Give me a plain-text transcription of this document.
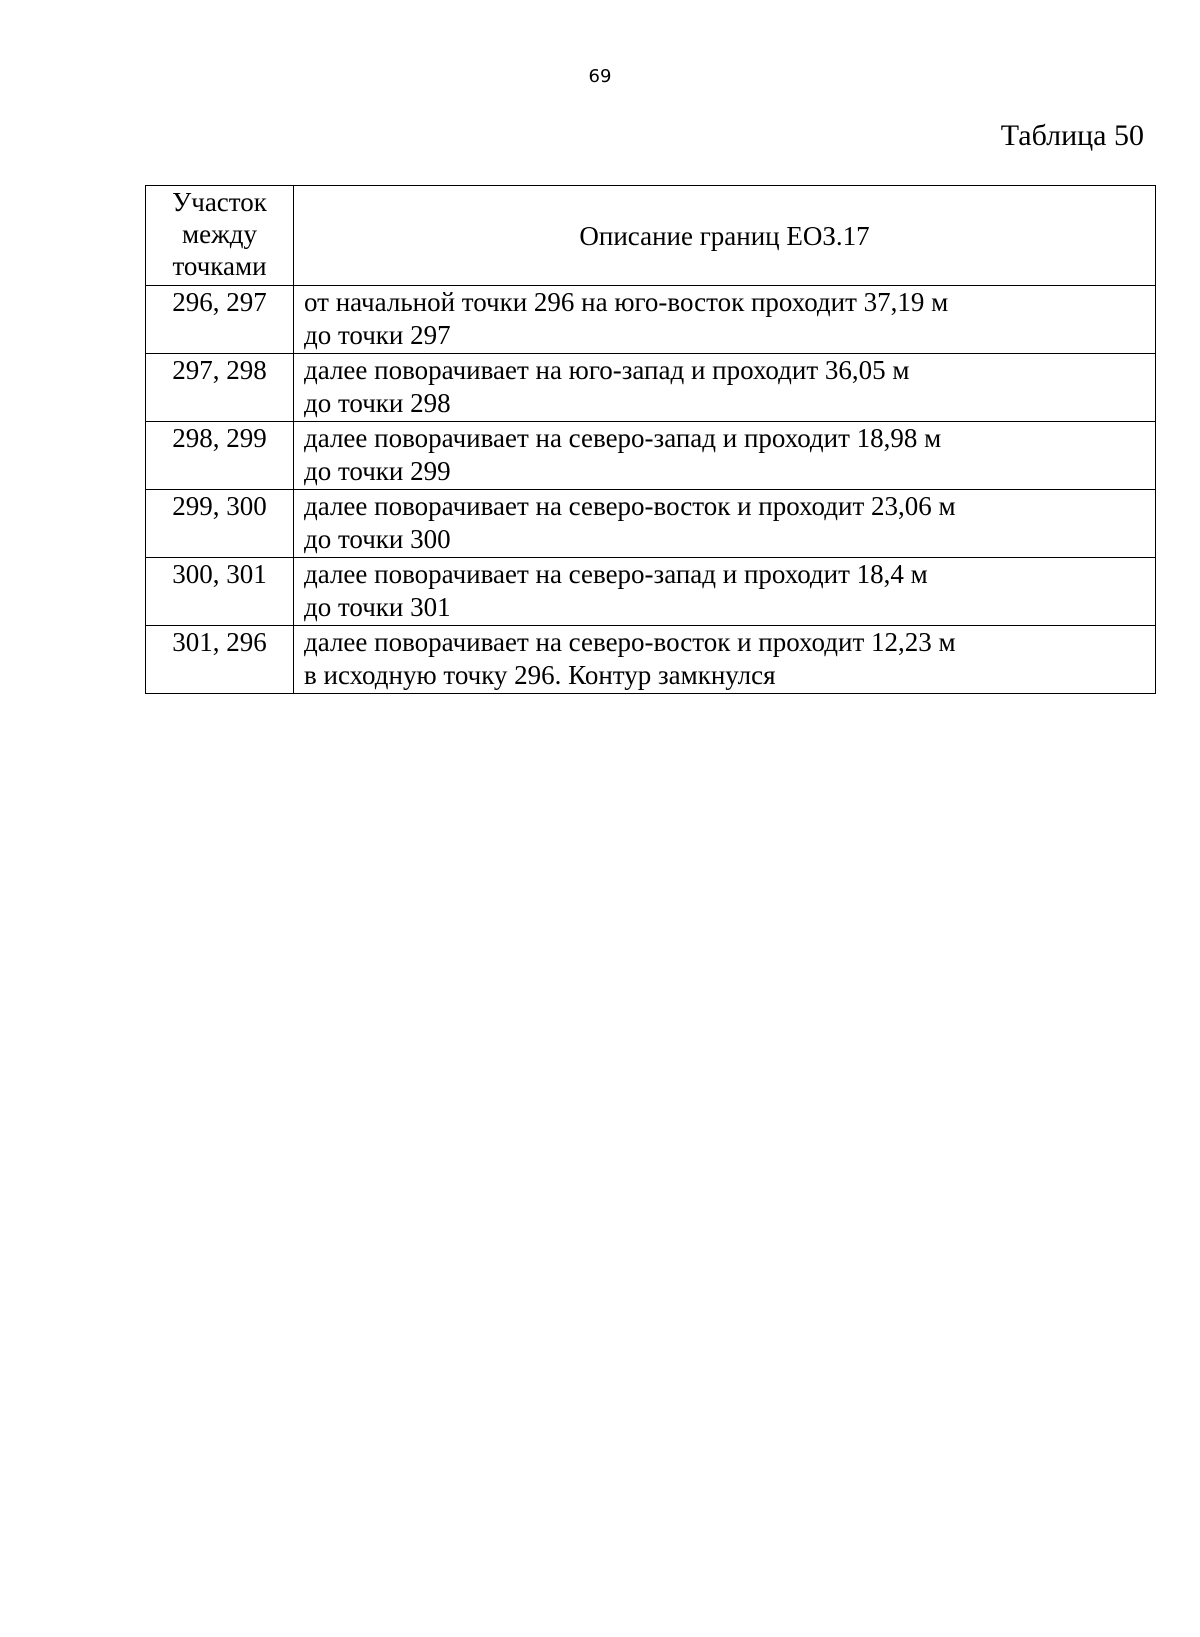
69
Таблица 50
Участок между точками	Описание границ ЕОЗ.17
296, 297	от начальной точки 296 на юго-восток проходит 37,19 м
до точки 297
297, 298	далее поворачивает на юго-запад и проходит 36,05 м
до точки 298
298, 299	далее поворачивает на северо-запад и проходит 18,98 м
до точки 299
299, 300	далее поворачивает на северо-восток и проходит 23,06 м
до точки 300
300, 301	далее поворачивает на северо-запад и проходит 18,4 м
до точки 301
301, 296	далее поворачивает на северо-восток и проходит 12,23 м
в исходную точку 296. Контур замкнулся
